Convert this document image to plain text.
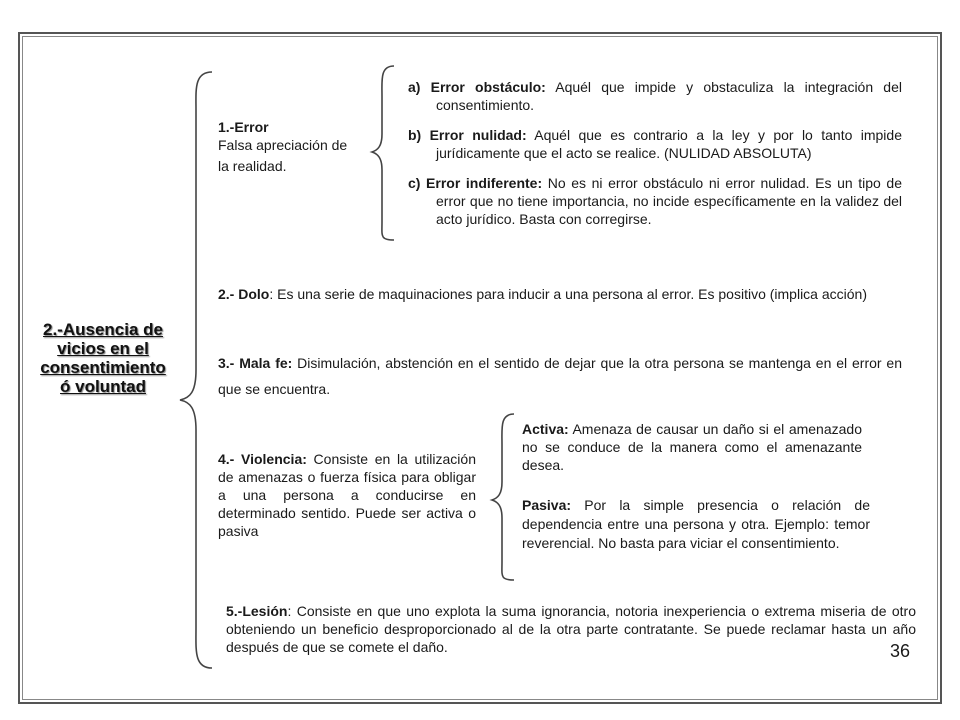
2.-Ausencia de
vicios en el
consentimiento
ó voluntad
1.-Error
Falsa apreciación de
la realidad.
a) Error obstáculo: Aquél que impide y obstaculiza la integración del consentimiento.
b) Error nulidad: Aquél que es contrario a la ley y por lo tanto impide jurídicamente que el acto se realice. (NULIDAD ABSOLUTA)
c) Error indiferente: No es ni error obstáculo ni error nulidad. Es un tipo de error que no tiene importancia, no incide específicamente en la validez del acto jurídico. Basta con corregirse.
2.- Dolo: Es una serie de maquinaciones para inducir a una persona al error. Es positivo (implica acción)
3.- Mala fe: Disimulación, abstención en el sentido de dejar que la otra persona se mantenga en el error en que se encuentra.
4.- Violencia: Consiste en la utilización de amenazas o fuerza física para obligar a una persona a conducirse en determinado sentido. Puede ser activa o pasiva
Activa: Amenaza de causar un daño si el amenazado no se conduce de la manera como el amenazante desea.
Pasiva: Por la simple presencia o relación de dependencia entre una persona y otra. Ejemplo: temor reverencial. No basta para viciar el consentimiento.
5.-Lesión: Consiste en que uno explota la suma ignorancia, notoria inexperiencia o extrema miseria de otro obteniendo un beneficio desproporcionado al de la otra parte contratante. Se puede reclamar hasta un año después de que se comete el daño.	36
